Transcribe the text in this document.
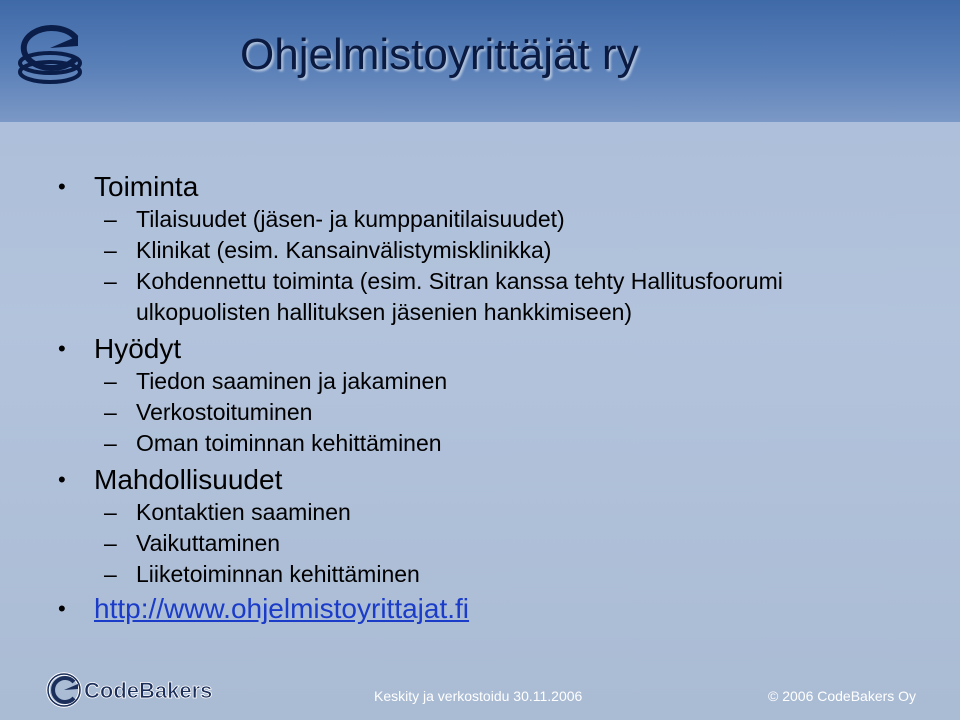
Ohjelmistoyrittäjät ry
• Toiminta
– Tilaisuudet (jäsen- ja kumppanitilaisuudet)
– Klinikat (esim. Kansainvälistymisklinikka)
– Kohdennettu toiminta (esim. Sitran kanssa tehty Hallitusfoorumi ulkopuolisten hallituksen jäsenien hankkimiseen)
• Hyödyt
– Tiedon saaminen ja jakaminen
– Verkostoituminen
– Oman toiminnan kehittäminen
• Mahdollisuudet
– Kontaktien saaminen
– Vaikuttaminen
– Liiketoiminnan kehittäminen
• http://www.ohjelmistoyrittajat.fi
CodeBakers	Keskity ja verkostoidu 30.11.2006	© 2006 CodeBakers Oy
